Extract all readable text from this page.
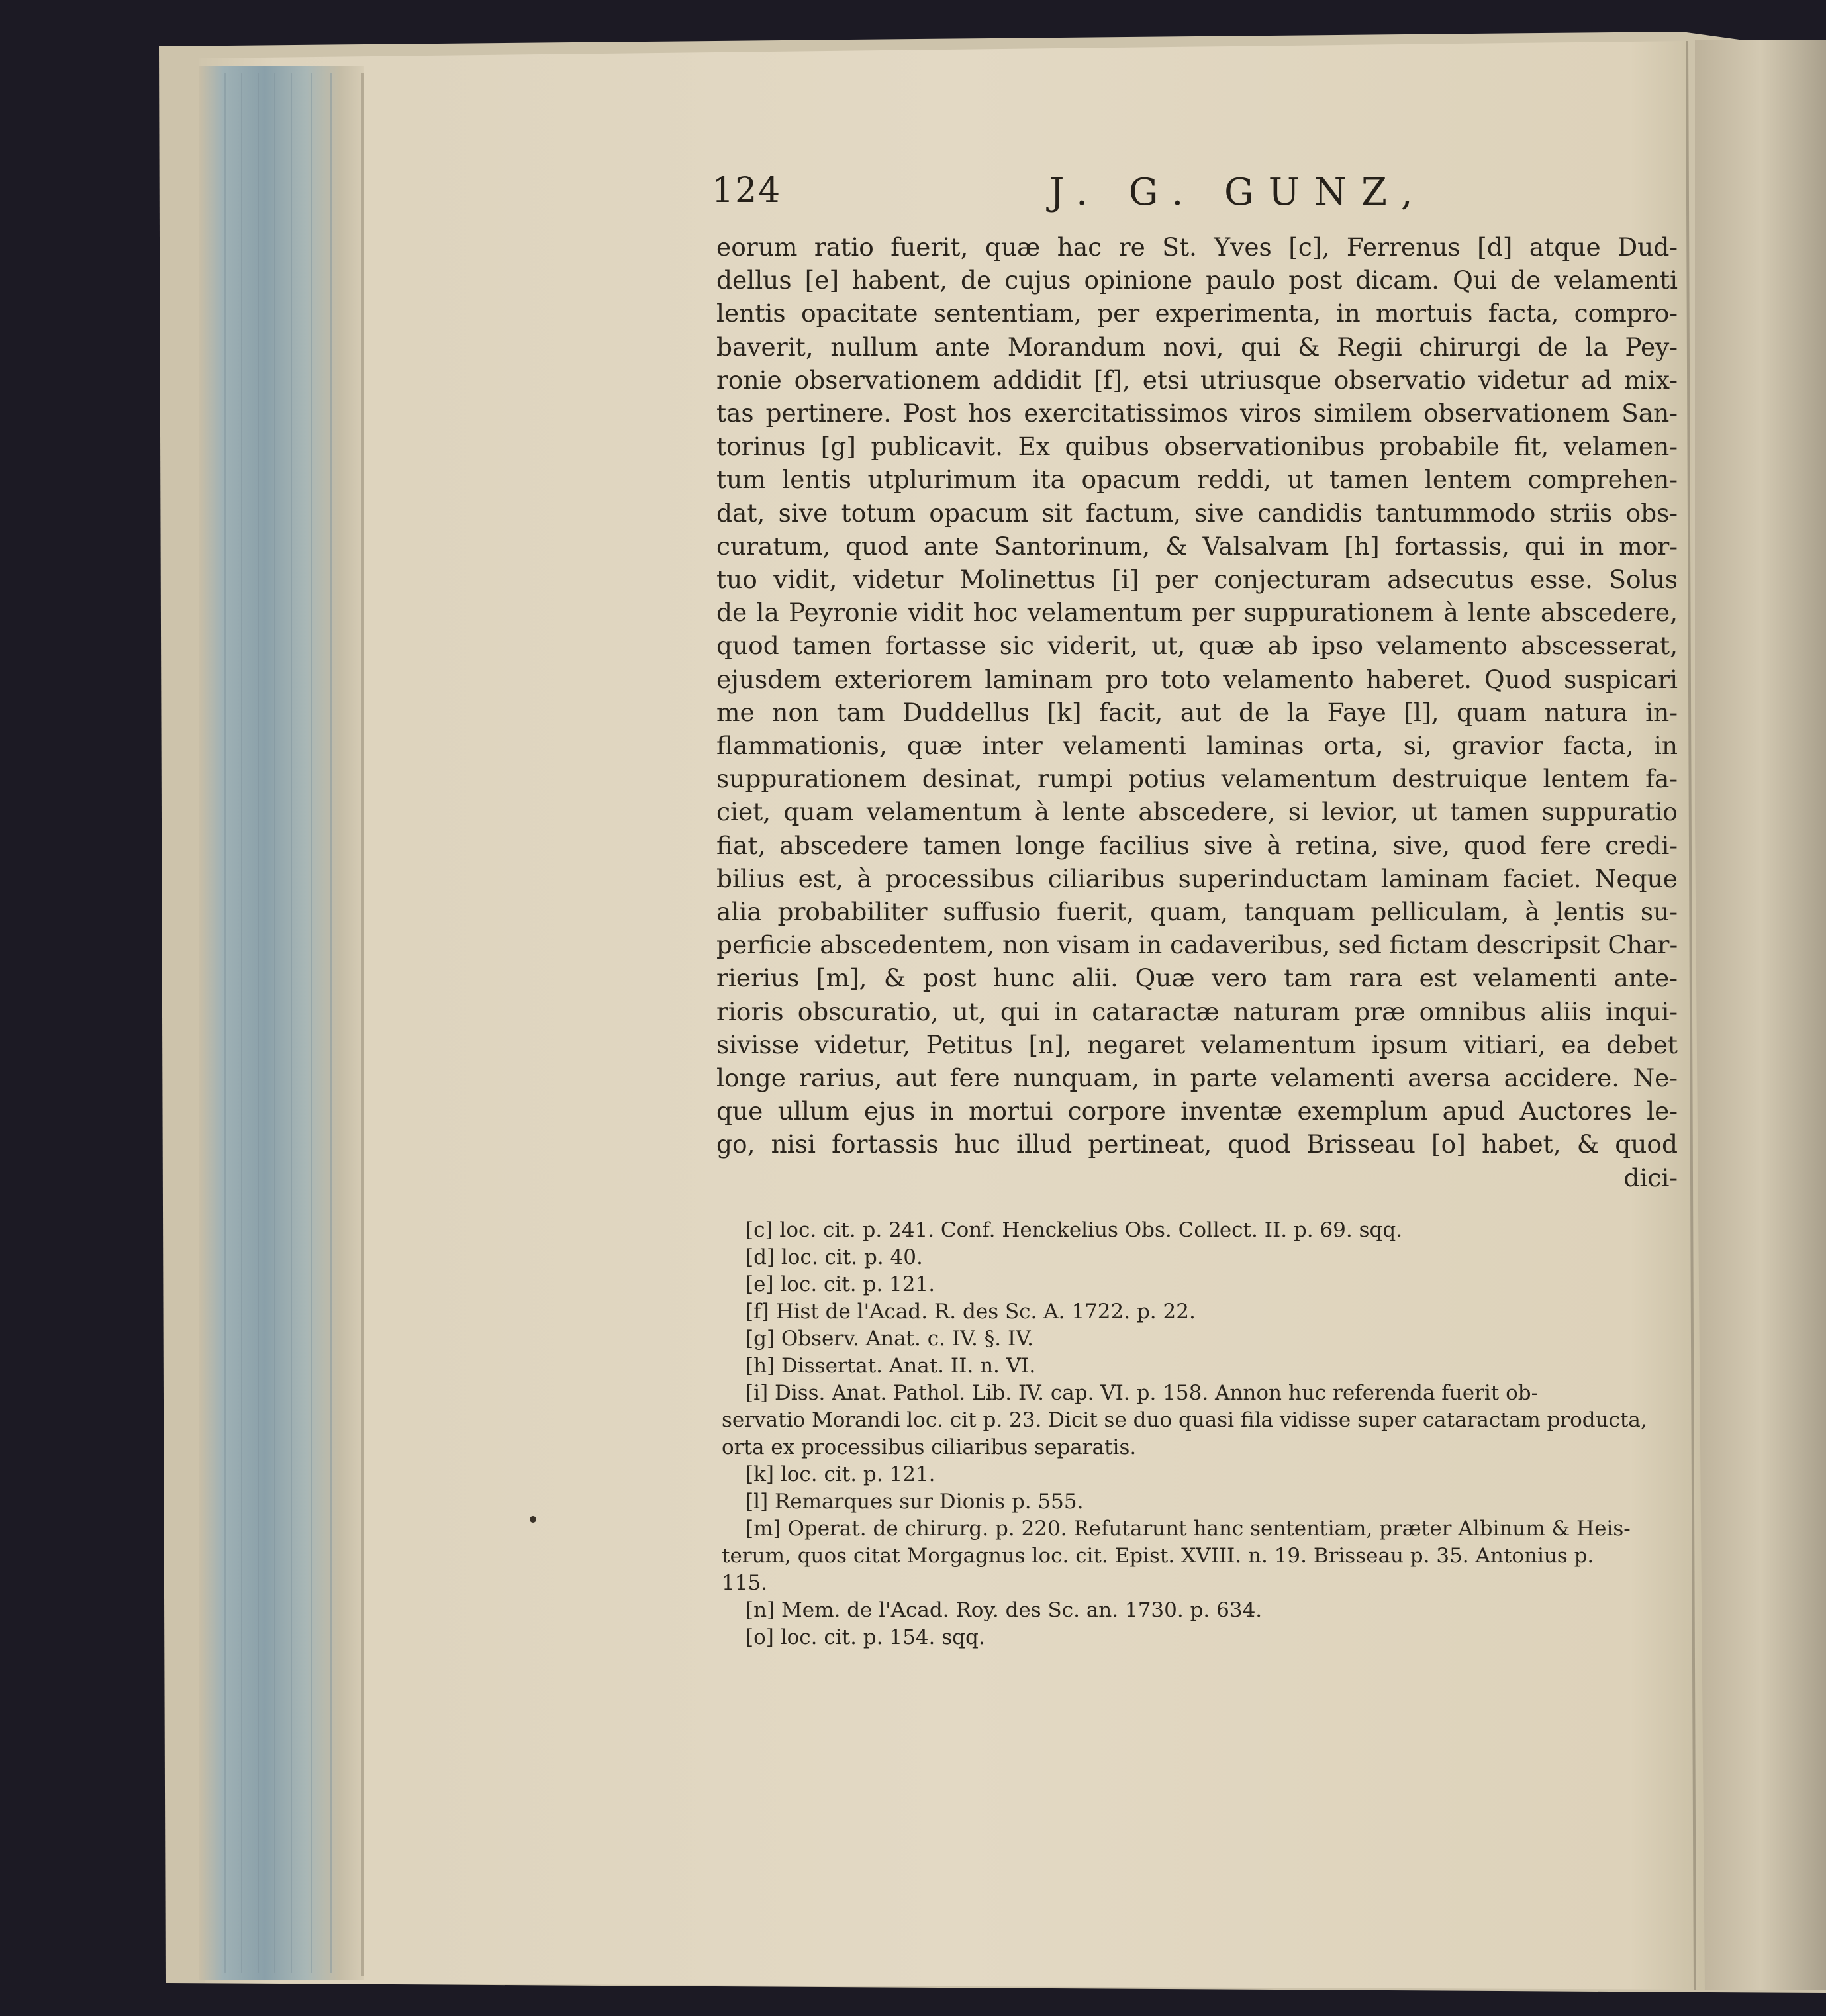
124	J. G. GUNZ,
eorum ratio fuerit, quæ hac re St. Yves [c], Ferrenus [d] atque Dud-
dellus [e] habent, de cujus opinione paulo post dicam. Qui de velamenti
lentis opacitate sententiam, per experimenta, in mortuis facta, compro-
baverit, nullum ante Morandum novi, qui & Regii chirurgi de la Pey-
ronie observationem addidit [f], etsi utriusque observatio videtur ad mix-
tas pertinere. Post hos exercitatissimos viros similem observationem San-
torinus [g] publicavit. Ex quibus observationibus probabile fit, velamen-
tum lentis utplurimum ita opacum reddi, ut tamen lentem comprehen-
dat, sive totum opacum sit factum, sive candidis tantummodo striis obs-
curatum, quod ante Santorinum, & Valsalvam [h] fortassis, qui in mor-
tuo vidit, videtur Molinettus [i] per conjecturam adsecutus esse. Solus
de la Peyronie vidit hoc velamentum per suppurationem à lente abscedere,
quod tamen fortasse sic viderit, ut, quæ ab ipso velamento abscesserat,
ejusdem exteriorem laminam pro toto velamento haberet. Quod suspicari
me non tam Duddellus [k] facit, aut de la Faye [l], quam natura in-
flammationis, quæ inter velamenti laminas orta, si, gravior facta, in
suppurationem desinat, rumpi potius velamentum destruique lentem fa-
ciet, quam velamentum à lente abscedere, si levior, ut tamen suppuratio
fiat, abscedere tamen longe facilius sive à retina, sive, quod fere credi-
bilius est, à processibus ciliaribus superinductam laminam faciet. Neque
alia probabiliter suffusio fuerit, quam, tanquam pelliculam, à lentis su-
perficie abscedentem, non visam in cadaveribus, sed fictam descripsit Char-
rierius [m], & post hunc alii. Quæ vero tam rara est velamenti ante-
rioris obscuratio, ut, qui in cataractæ naturam præ omnibus aliis inqui-
sivisse videtur, Petitus [n], negaret velamentum ipsum vitiari, ea debet
longe rarius, aut fere nunquam, in parte velamenti aversa accidere. Ne-
que ullum ejus in mortui corpore inventæ exemplum apud Auctores le-
go, nisi fortassis huc illud pertineat, quod Brisseau [o] habet, & quod
dici-
[c] loc. cit. p. 241. Conf. Henckelius Obs. Collect. II. p. 69. sqq.
[d] loc. cit. p. 40.
[e] loc. cit. p. 121.
[f] Hist de l'Acad. R. des Sc. A. 1722. p. 22.
[g] Observ. Anat. c. IV. §. IV.
[h] Dissertat. Anat. II. n. VI.
[i] Diss. Anat. Pathol. Lib. IV. cap. VI. p. 158. Annon huc referenda fuerit ob-
servatio Morandi loc. cit p. 23. Dicit se duo quasi fila vidisse super cataractam producta,
orta ex processibus ciliaribus separatis.
[k] loc. cit. p. 121.
[l] Remarques sur Dionis p. 555.
[m] Operat. de chirurg. p. 220. Refutarunt hanc sententiam, præter Albinum & Heis-
terum, quos citat Morgagnus loc. cit. Epist. XVIII. n. 19. Brisseau p. 35. Antonius p.
115.
[n] Mem. de l'Acad. Roy. des Sc. an. 1730. p. 634.
[o] loc. cit. p. 154. sqq.
